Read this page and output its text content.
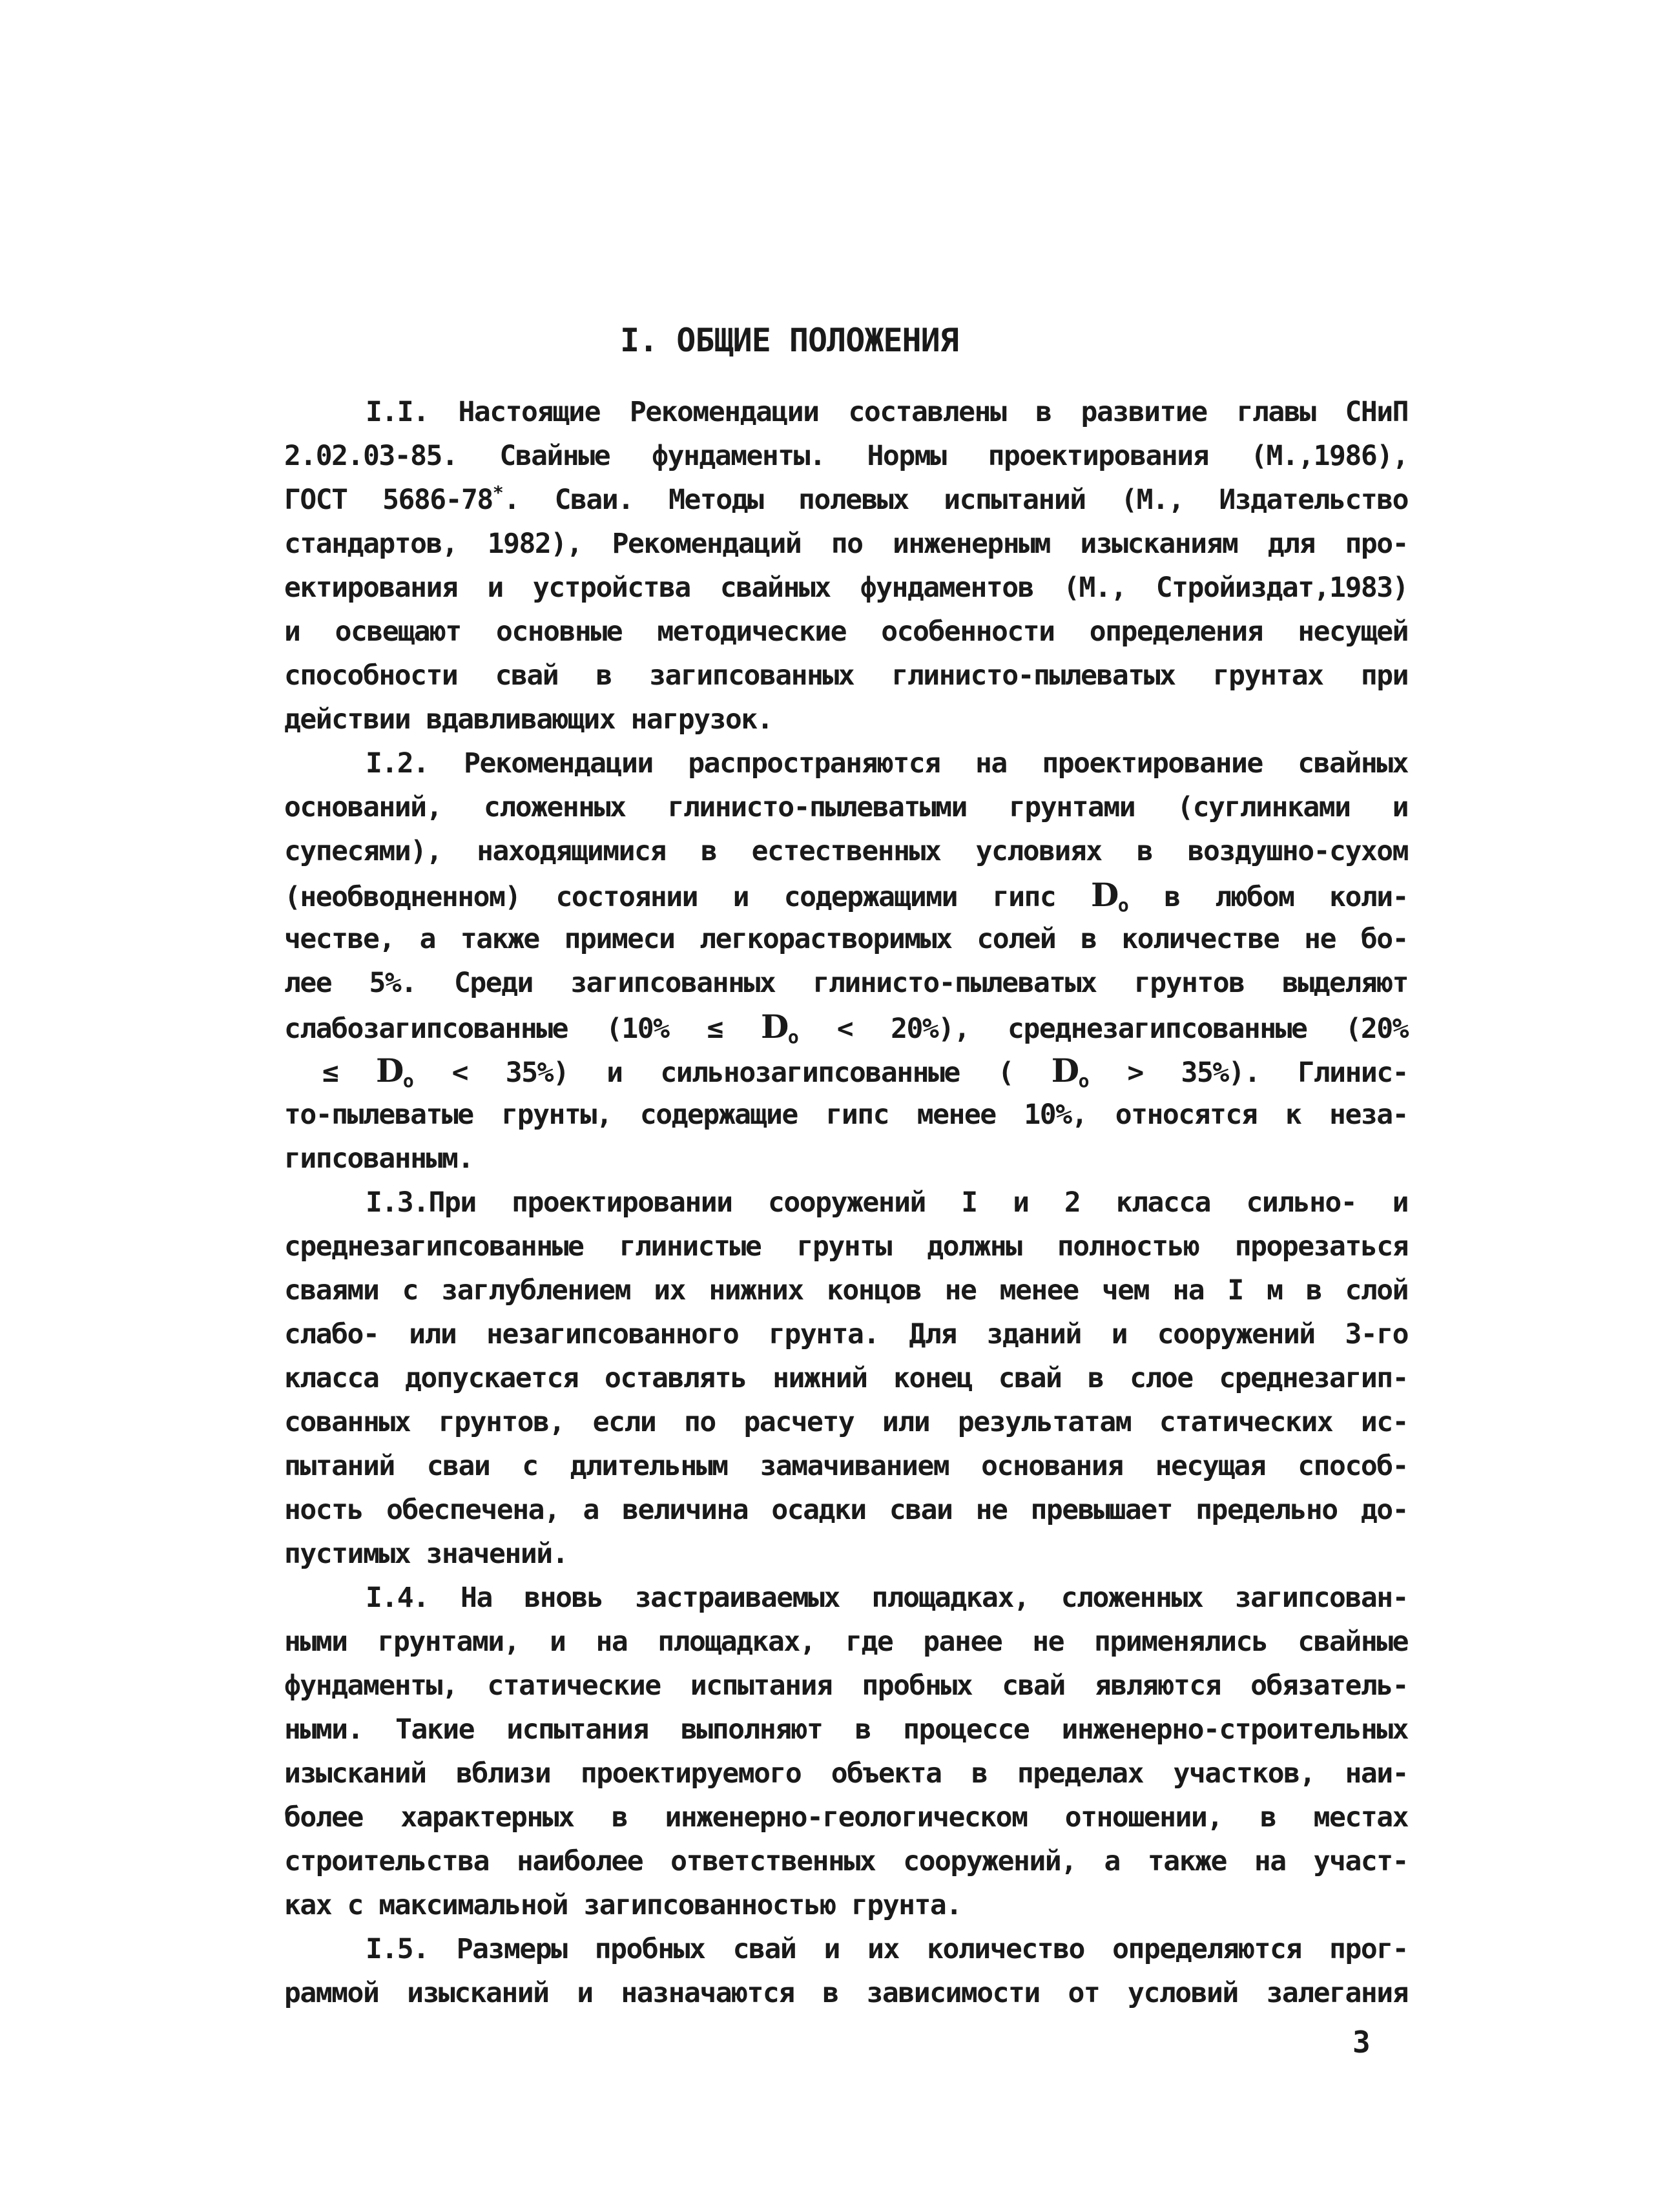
I. ОБЩИЕ ПОЛОЖЕНИЯ
I.I. Настоящие Рекомендации составлены в развитие главы СНиП
2.02.03-85. Свайные фундаменты. Нормы проектирования (М.,1986),
ГОСТ 5686-78*. Сваи. Методы полевых испытаний (М., Издательство
стандартов, 1982), Рекомендаций по инженерным изысканиям для про-
ектирования и устройства свайных фундаментов (М., Стройиздат,1983)
и освещают основные методические особенности определения несущей
способности свай в загипсованных глинисто-пылеватых грунтах при
действии вдавливающих нагрузок.
I.2. Рекомендации распространяются на проектирование свайных
оснований, сложенных глинисто-пылеватыми грунтами (суглинками и
супесями), находящимися в естественных условиях в воздушно-сухом
(необводненном) состоянии и содержащими гипс Do в любом коли-
честве, а также примеси легкорастворимых солей в количестве не бо-
лее 5%. Среди загипсованных глинисто-пылеватых грунтов выделяют
слабозагипсованные (10% ≤ Do < 20%), среднезагипсованные (20%
≤ Do < 35%) и сильнозагипсованные ( Do > 35%). Глинис-
то-пылеватые грунты, содержащие гипс менее 10%, относятся к неза-
гипсованным.
I.3.При проектировании сооружений I и 2 класса сильно- и
среднезагипсованные глинистые грунты должны полностью прорезаться
сваями с заглублением их нижних концов не менее чем на I м в слой
слабо- или незагипсованного грунта. Для зданий и сооружений 3-го
класса допускается оставлять нижний конец свай в слое среднезагип-
сованных грунтов, если по расчету или результатам статических ис-
пытаний сваи с длительным замачиванием основания несущая способ-
ность обеспечена, а величина осадки сваи не превышает предельно до-
пустимых значений.
I.4. На вновь застраиваемых площадках, сложенных загипсован-
ными грунтами, и на площадках, где ранее не применялись свайные
фундаменты, статические испытания пробных свай являются обязатель-
ными. Такие испытания выполняют в процессе инженерно-строительных
изысканий вблизи проектируемого объекта в пределах участков, наи-
более характерных в инженерно-геологическом отношении, в местах
строительства наиболее ответственных сооружений, а также на участ-
ках с максимальной загипсованностью грунта.
I.5. Размеры пробных свай и их количество определяются прог-
раммой изысканий и назначаются в зависимости от условий залегания
3
